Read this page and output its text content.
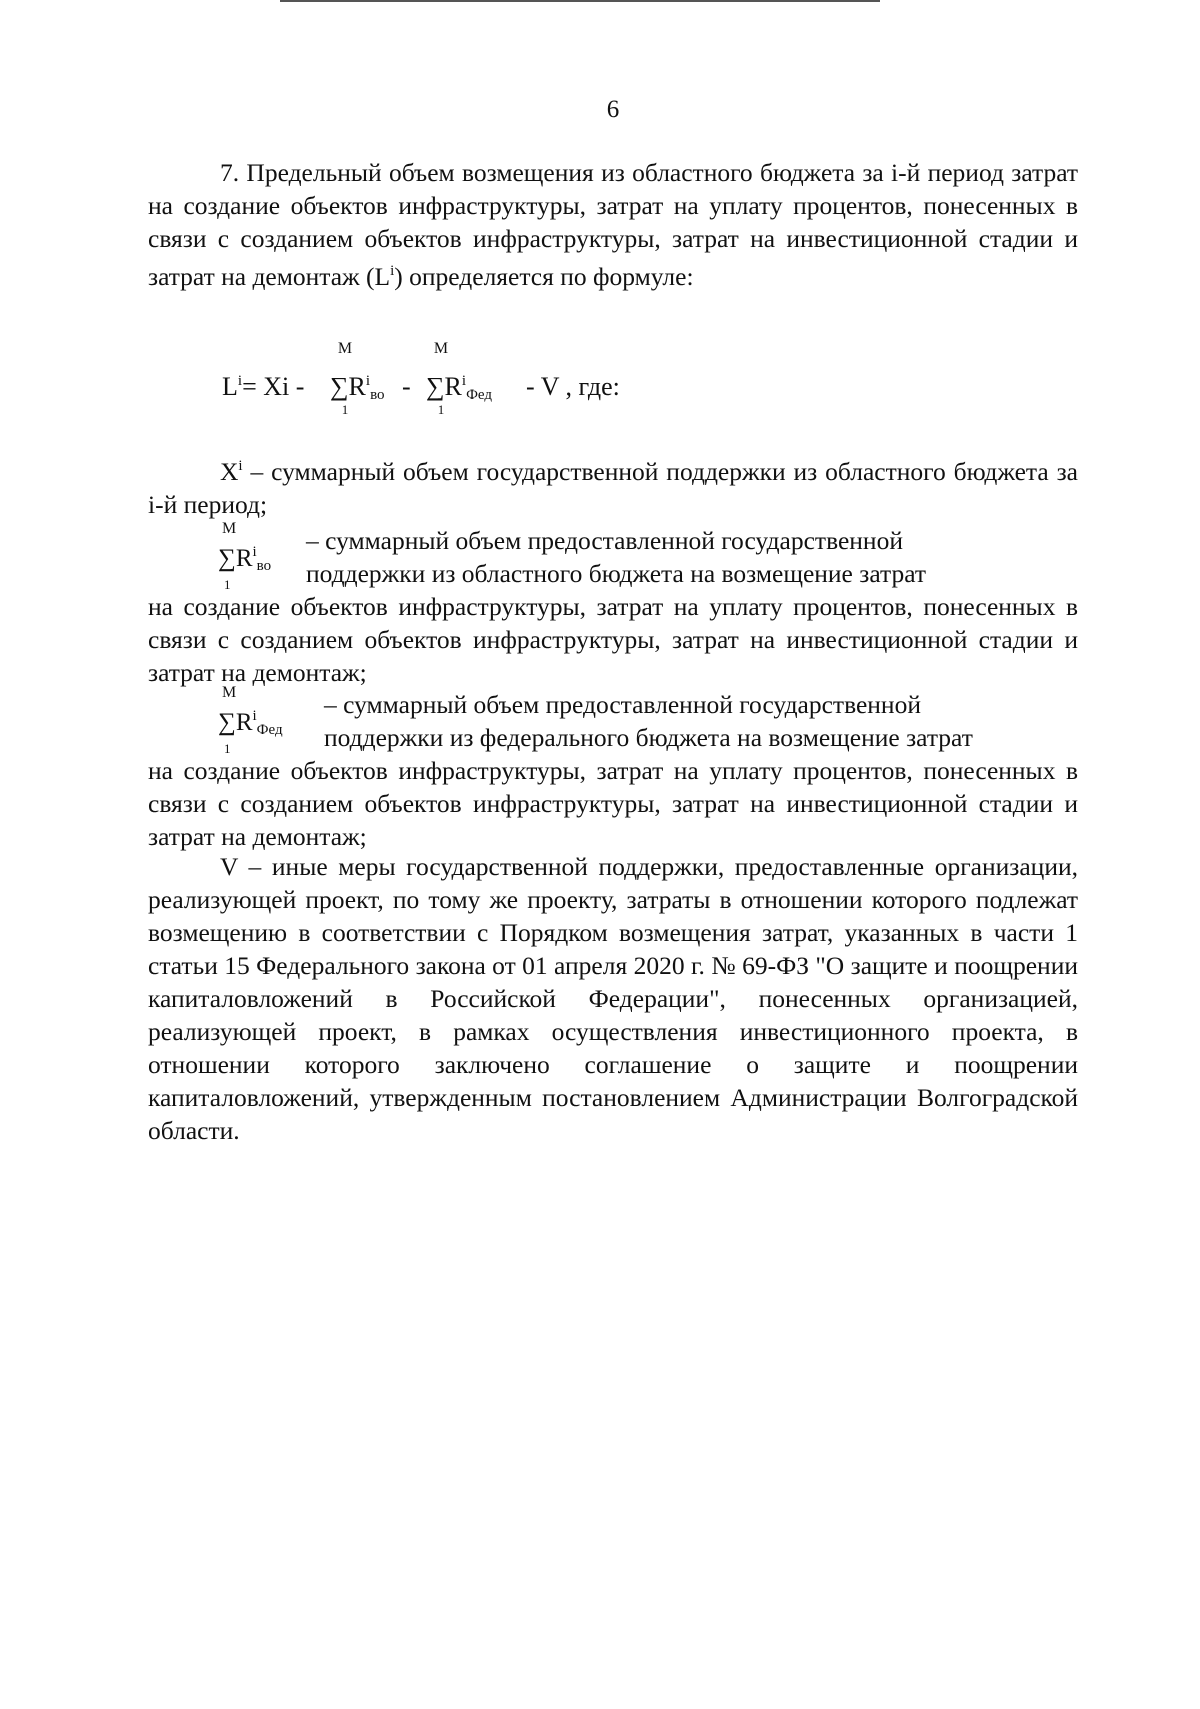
6

7. Предельный объем возмещения из областного бюджета за i-й период затрат на создание объектов инфраструктуры, затрат на уплату процентов, понесенных в связи с созданием объектов инфраструктуры, затрат на инвестиционной стадии и затрат на демонтаж $(L^i)$ определяется по формуле:

$L^i= Xi$ -
M
$\sum R^i_{во}$
1
-
M
$\sum R^i_{Фед}$
1
- V , где:

$X^i$ – суммарный объем государственной поддержки из областного бюджета за i-й период;

M
$\sum R^i_{во}$
1
– суммарный объем предоставленной государственной
поддержки из областного бюджета на возмещение затрат

на создание объектов инфраструктуры, затрат на уплату процентов, понесенных в связи с созданием объектов инфраструктуры, затрат на инвестиционной стадии и затрат на демонтаж;

M
$\sum R^i_{Фед}$
1
– суммарный объем предоставленной государственной
поддержки из федерального бюджета на возмещение затрат

на создание объектов инфраструктуры, затрат на уплату процентов, понесенных в связи с созданием объектов инфраструктуры, затрат на инвестиционной стадии и затрат на демонтаж;

V – иные меры государственной поддержки, предоставленные организации, реализующей проект, по тому же проекту, затраты в отношении которого подлежат возмещению в соответствии с Порядком возмещения затрат, указанных в части 1 статьи 15 Федерального закона от 01 апреля 2020 г. № 69-ФЗ "О защите и поощрении капиталовложений в Российской Федерации", понесенных организацией, реализующей проект, в рамках осуществления инвестиционного проекта, в отношении которого заключено соглашение о защите и поощрении капиталовложений, утвержденным постановлением Администрации Волгоградской области.
